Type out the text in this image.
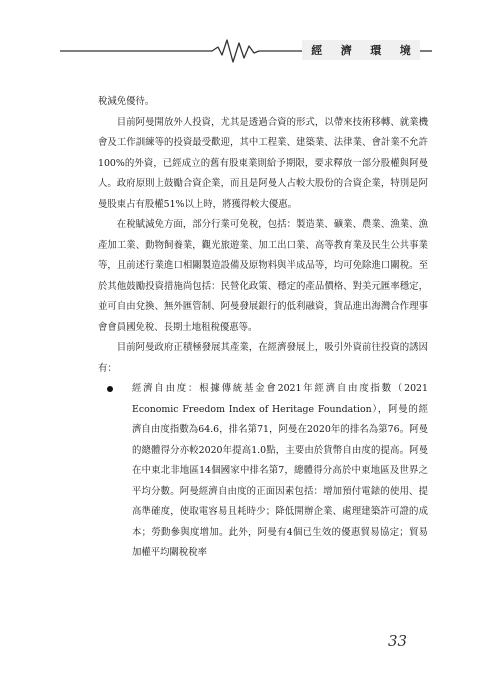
經 濟 環 境

稅減免優待。

目前阿曼開放外人投資，尤其是透過合資的形式，以帶來技術移轉、就業機會及工作訓練等的投資最受歡迎，其中工程業、建築業、法律業、會計業不允許100%的外資，已經成立的舊有股東業則給予期限，要求釋放一部分股權與阿曼人。政府原則上鼓勵合資企業，而且是阿曼人占較大股份的合資企業，特別是阿曼股東占有股權51%以上時，將獲得較大優惠。

在稅賦減免方面，部分行業可免稅，包括：製造業、礦業、農業、漁業、漁產加工業、動物飼養業，觀光旅遊業、加工出口業、高等教育業及民生公共事業等，且前述行業進口相關製造設備及原物料與半成品等，均可免除進口關稅。至於其他鼓勵投資措施尚包括：民營化政策、穩定的產品價格、對美元匯率穩定，並可自由兌換、無外匯管制、阿曼發展銀行的低利融資，貨品進出海灣合作理事會會員國免稅、長期土地租稅優惠等。

目前阿曼政府正積極發展其產業，在經濟發展上，吸引外資前往投資的誘因有：

經濟自由度：根據傳統基金會2021年經濟自由度指數（2021 Economic Freedom Index of Heritage Foundation），阿曼的經濟自由度指數為64.6，排名第71，阿曼在2020年的排名為第76。阿曼的總體得分亦較2020年提高1.0點，主要由於貨幣自由度的提高。阿曼在中東北非地區14個國家中排名第7，總體得分高於中東地區及世界之平均分數。阿曼經濟自由度的正面因素包括：增加預付電錶的使用、提高準確度，使取電容易且耗時少；降低開辦企業、處理建築許可證的成本；勞動參與度增加。此外，阿曼有4個已生效的優惠貿易協定；貿易加權平均關稅稅率

33
